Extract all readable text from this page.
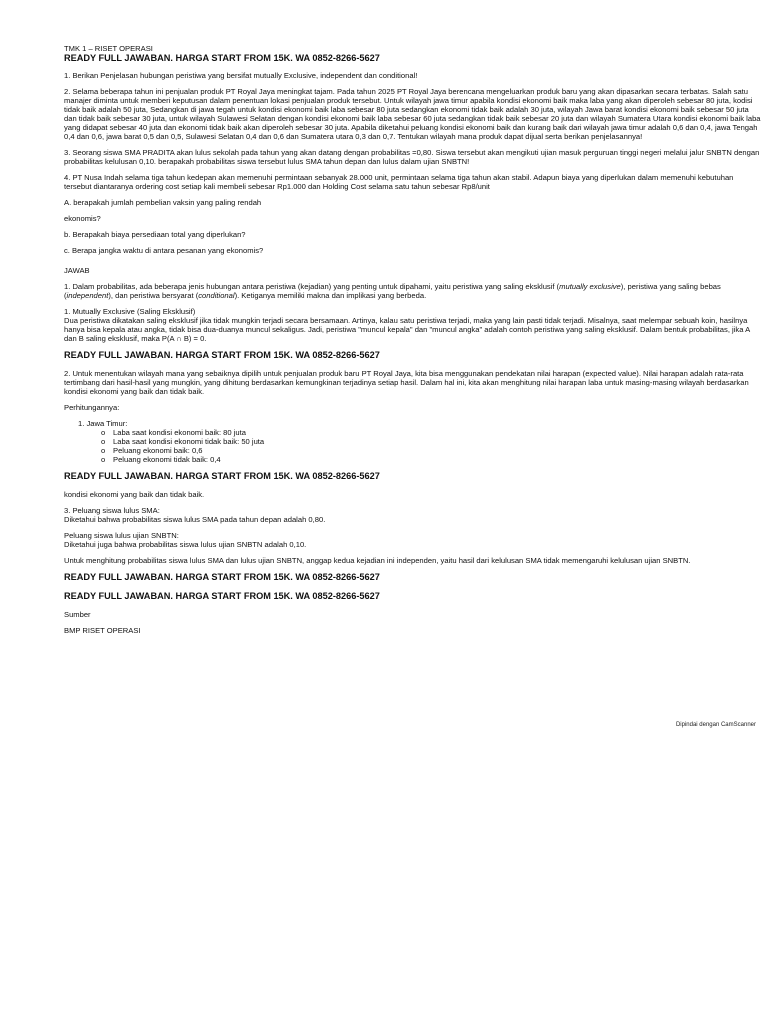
TMK 1 – RISET OPERASI

READY FULL JAWABAN. HARGA START FROM 15K. WA 0852-8266-5627

1. Berikan Penjelasan hubungan peristiwa yang bersifat mutually Exclusive, independent dan conditional!

2. Selama beberapa tahun ini penjualan produk PT Royal Jaya meningkat tajam. Pada tahun 2025 PT Royal Jaya berencana mengeluarkan produk baru yang akan dipasarkan secara terbatas. Salah satu manajer diminta untuk memberi keputusan dalam penentuan lokasi penjualan produk tersebut. Untuk wilayah jawa timur apabila kondisi ekonomi baik maka laba yang akan diperoleh sebesar 80 juta, kodisi tidak baik adalah 50 juta, Sedangkan di jawa tegah untuk kondisi ekonomi baik laba sebesar 80 juta sedangkan ekonomi tidak baik adalah 30 juta, wilayah Jawa barat kondisi ekonomi baik sebesar 50 juta dan tidak baik sebesar 30 juta, untuk wilayah Sulawesi Selatan dengan kondisi ekonomi baik laba sebesar 60 juta sedangkan tidak baik sebesar 20 juta dan wilayah Sumatera Utara kondisi ekonomi baik laba yang didapat sebesar 40 juta dan ekonomi tidak baik akan diperoleh sebesar 30 juta. Apabila diketahui peluang kondisi ekonomi baik dan kurang baik dari wilayah jawa timur adalah 0,6 dan 0,4, jawa Tengah 0,4 dan 0,6, jawa barat 0,5 dan 0,5, Sulawesi Selatan 0,4 dan 0,6 dan Sumatera utara 0,3 dan 0,7. Tentukan wilayah mana produk dapat dijual serta berikan penjelasannya!

3. Seorang siswa SMA PRADITA akan lulus sekolah pada tahun yang akan datang dengan probabilitas =0,80. Siswa tersebut akan mengikuti ujian masuk perguruan tinggi negeri melalui jalur SNBTN dengan probabilitas kelulusan 0,10. berapakah probabilitas siswa tersebut lulus SMA tahun depan dan lulus dalam ujian SNBTN!

4. PT Nusa Indah selama tiga tahun kedepan akan memenuhi permintaan sebanyak 28.000 unit, permintaan selama tiga tahun akan stabil. Adapun biaya yang diperlukan dalam memenuhi kebutuhan tersebut diantaranya ordering cost setiap kali membeli sebesar Rp1.000 dan Holding Cost selama satu tahun sebesar Rp8/unit

A. berapakah jumlah pembelian vaksin yang paling rendah

ekonomis?

b. Berapakah biaya persediaan total yang diperlukan?

c. Berapa jangka waktu di antara pesanan yang ekonomis?

JAWAB

1. Dalam probabilitas, ada beberapa jenis hubungan antara peristiwa (kejadian) yang penting untuk dipahami, yaitu peristiwa yang saling eksklusif (mutually exclusive), peristiwa yang saling bebas (independent), dan peristiwa bersyarat (conditional). Ketiganya memiliki makna dan implikasi yang berbeda.

1. Mutually Exclusive (Saling Eksklusif)
Dua peristiwa dikatakan saling eksklusif jika tidak mungkin terjadi secara bersamaan. Artinya, kalau satu peristiwa terjadi, maka yang lain pasti tidak terjadi. Misalnya, saat melempar sebuah koin, hasilnya hanya bisa kepala atau angka, tidak bisa dua-duanya muncul sekaligus. Jadi, peristiwa "muncul kepala" dan "muncul angka" adalah contoh peristiwa yang saling eksklusif. Dalam bentuk probabilitas, jika A dan B saling eksklusif, maka P(A ∩ B) = 0.

READY FULL JAWABAN. HARGA START FROM 15K. WA 0852-8266-5627

2. Untuk menentukan wilayah mana yang sebaiknya dipilih untuk penjualan produk baru PT Royal Jaya, kita bisa menggunakan pendekatan nilai harapan (expected value). Nilai harapan adalah rata-rata tertimbang dari hasil-hasil yang mungkin, yang dihitung berdasarkan kemungkinan terjadinya setiap hasil. Dalam hal ini, kita akan menghitung nilai harapan laba untuk masing-masing wilayah berdasarkan kondisi ekonomi yang baik dan tidak baik.

Perhitungannya:

1. Jawa Timur:
o Laba saat kondisi ekonomi baik: 80 juta
o Laba saat kondisi ekonomi tidak baik: 50 juta
o Peluang ekonomi baik: 0,6
o Peluang ekonomi tidak baik: 0,4

READY FULL JAWABAN. HARGA START FROM 15K. WA 0852-8266-5627

kondisi ekonomi yang baik dan tidak baik.

3. Peluang siswa lulus SMA:
Diketahui bahwa probabilitas siswa lulus SMA pada tahun depan adalah 0,80.

Peluang siswa lulus ujian SNBTN:
Diketahui juga bahwa probabilitas siswa lulus ujian SNBTN adalah 0,10.

Untuk menghitung probabilitas siswa lulus SMA dan lulus ujian SNBTN, anggap kedua kejadian ini independen, yaitu hasil dari kelulusan SMA tidak memengaruhi kelulusan ujian SNBTN.

READY FULL JAWABAN. HARGA START FROM 15K. WA 0852-8266-5627

READY FULL JAWABAN. HARGA START FROM 15K. WA 0852-8266-5627

Sumber

BMP RISET OPERASI

Dipindai dengan CamScanner
